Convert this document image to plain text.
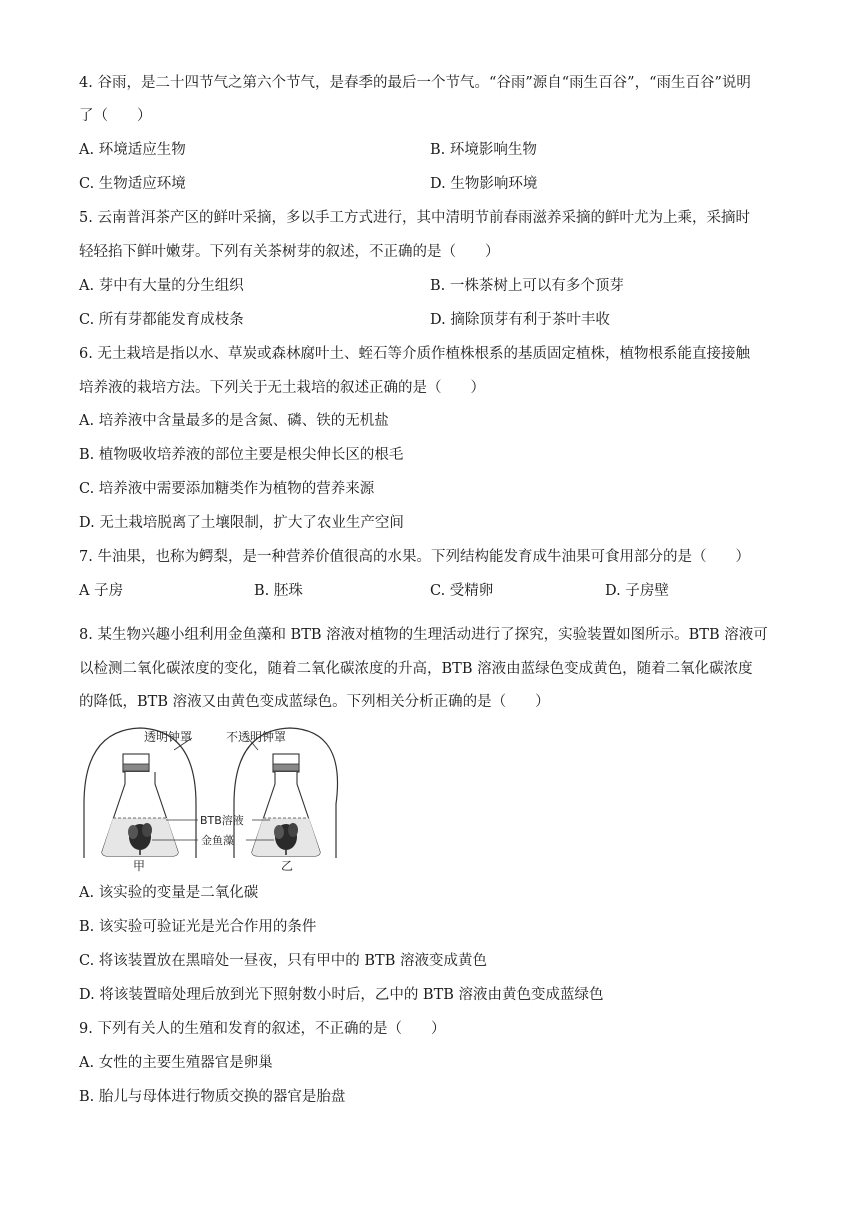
4. 谷雨，是二十四节气之第六个节气，是春季的最后一个节气。“谷雨”源自“雨生百谷”，“雨生百谷”说明
了（　　）
A. 环境适应生物	B. 环境影响生物
C. 生物适应环境	D. 生物影响环境
5. 云南普洱茶产区的鲜叶采摘，多以手工方式进行，其中清明节前春雨滋养采摘的鲜叶尤为上乘，采摘时
轻轻掐下鲜叶嫩芽。下列有关茶树芽的叙述，不正确的是（　　）
A. 芽中有大量的分生组织	B. 一株茶树上可以有多个顶芽
C. 所有芽都能发育成枝条	D. 摘除顶芽有利于茶叶丰收
6. 无土栽培是指以水、草炭或森林腐叶土、蛭石等介质作植株根系的基质固定植株，植物根系能直接接触
培养液的栽培方法。下列关于无土栽培的叙述正确的是（　　）
A. 培养液中含量最多的是含氮、磷、铁的无机盐
B. 植物吸收培养液的部位主要是根尖伸长区的根毛
C. 培养液中需要添加糖类作为植物的营养来源
D. 无土栽培脱离了土壤限制，扩大了农业生产空间
7. 牛油果，也称为鳄梨，是一种营养价值很高的水果。下列结构能发育成牛油果可食用部分的是（　　）
A 子房	B. 胚珠	C. 受精卵	D. 子房壁
8. 某生物兴趣小组利用金鱼藻和 BTB 溶液对植物的生理活动进行了探究，实验装置如图所示。BTB 溶液可
以检测二氧化碳浓度的变化，随着二氧化碳浓度的升高，BTB 溶液由蓝绿色变成黄色，随着二氧化碳浓度
的降低，BTB 溶液又由黄色变成蓝绿色。下列相关分析正确的是（　　）
透明钟罩	不透明钟罩
BTB溶液
金鱼藻
甲	乙
A. 该实验的变量是二氧化碳
B. 该实验可验证光是光合作用的条件
C. 将该装置放在黑暗处一昼夜，只有甲中的 BTB 溶液变成黄色
D. 将该装置暗处理后放到光下照射数小时后，乙中的 BTB 溶液由黄色变成蓝绿色
9. 下列有关人的生殖和发育的叙述，不正确的是（　　）
A. 女性的主要生殖器官是卵巢
B. 胎儿与母体进行物质交换的器官是胎盘
